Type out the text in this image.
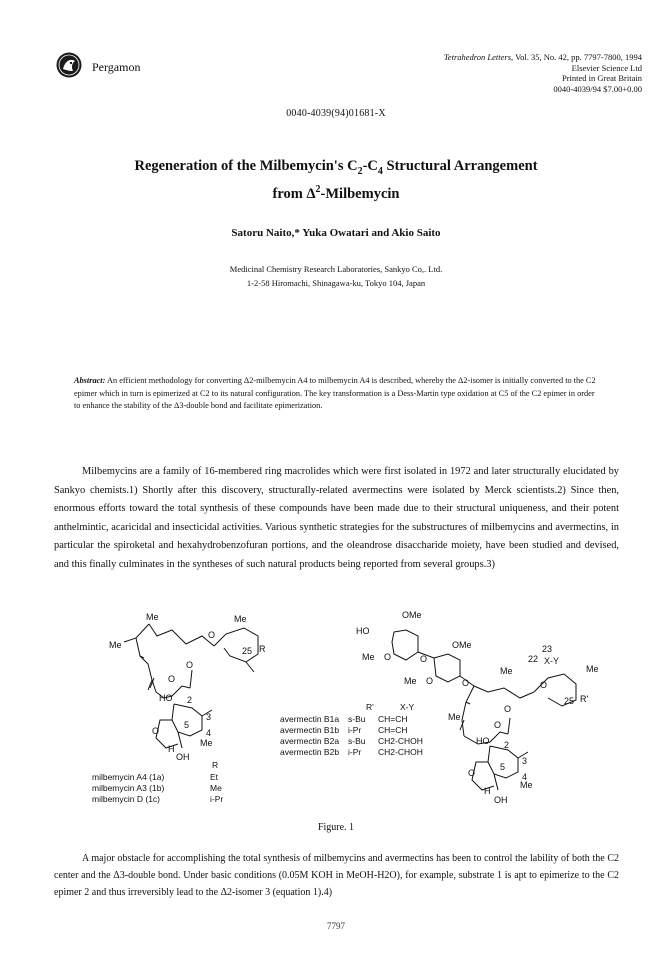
Pergamon
Tetrahedron Letters, Vol. 35, No. 42, pp. 7797-7800, 1994
Elsevier Science Ltd
Printed in Great Britain
0040-4039/94 $7.00+0.00
0040-4039(94)01681-X
Regeneration of the Milbemycin's $C_2-C_4$ Structural Arrangement
from $\Delta^2$-Milbemycin
Satoru Naito,* Yuka Owatari and Akio Saito
Medicinal Chemistry Research Laboratories, Sankyo Co,. Ltd.
1-2-58 Hiromachi, Shinagawa-ku, Tokyo 104, Japan
Abstract: An efficient methodology for converting Δ2-milbemycin A4 to milbemycin A4 is described, whereby the Δ2-isomer is initially converted to the C2 epimer which in turn is epimerized at C2 to its natural configuration. The key transformation is a Dess-Martin type oxidation at C5 of the C2 epimer in order to enhance the stability of the Δ3-double bond and facilitate epimerization.

Milbemycins are a family of 16-membered ring macrolides which were first isolated in 1972 and later structurally elucidated by Sankyo chemists.1) Shortly after this discovery, structurally-related avermectins were isolated by Merck scientists.2) Since then, enormous efforts toward the total synthesis of these compounds have been made due to their structural uniqueness, and their potent anthelmintic, acaricidal and insecticidal activities. Various synthetic strategies for the substructures of milbemycins and avermectins, in particular the spiroketal and hexahydrobenzofuran portions, and the oleandrose disaccharide moiety, have been studied and devised, and this finally culminates in the syntheses of such natural products being reported from several groups.3)

Me	Me
Me
O
25 R
O
O
HO 2
3
4
5
Me
O
H
OH
R
milbemycin A4 (1a)	Et
milbemycin A3 (1b)	Me
milbemycin D (1c)	i-Pr
OMe
HO
Me O	O
OMe
Me O	O
23
22 X-Y
Me
Me
O
25 R'
Me
O
O
HO 2
3
4
5
Me
O
H
OH
R'	X-Y
avermectin B1a s-Bu CH=CH
avermectin B1b i-Pr CH=CH
avermectin B2a s-Bu CH2-CHOH
avermectin B2b i-Pr CH2-CHOH
Figure. 1

A major obstacle for accomplishing the total synthesis of milbemycins and avermectins has been to control the lability of both the C2 center and the Δ3-double bond. Under basic conditions (0.05M KOH in MeOH-H2O), for example, substrate 1 is apt to epimerize to the C2 epimer 2 and thus irreversibly lead to the Δ2-isomer 3 (equation 1).4)

7797
